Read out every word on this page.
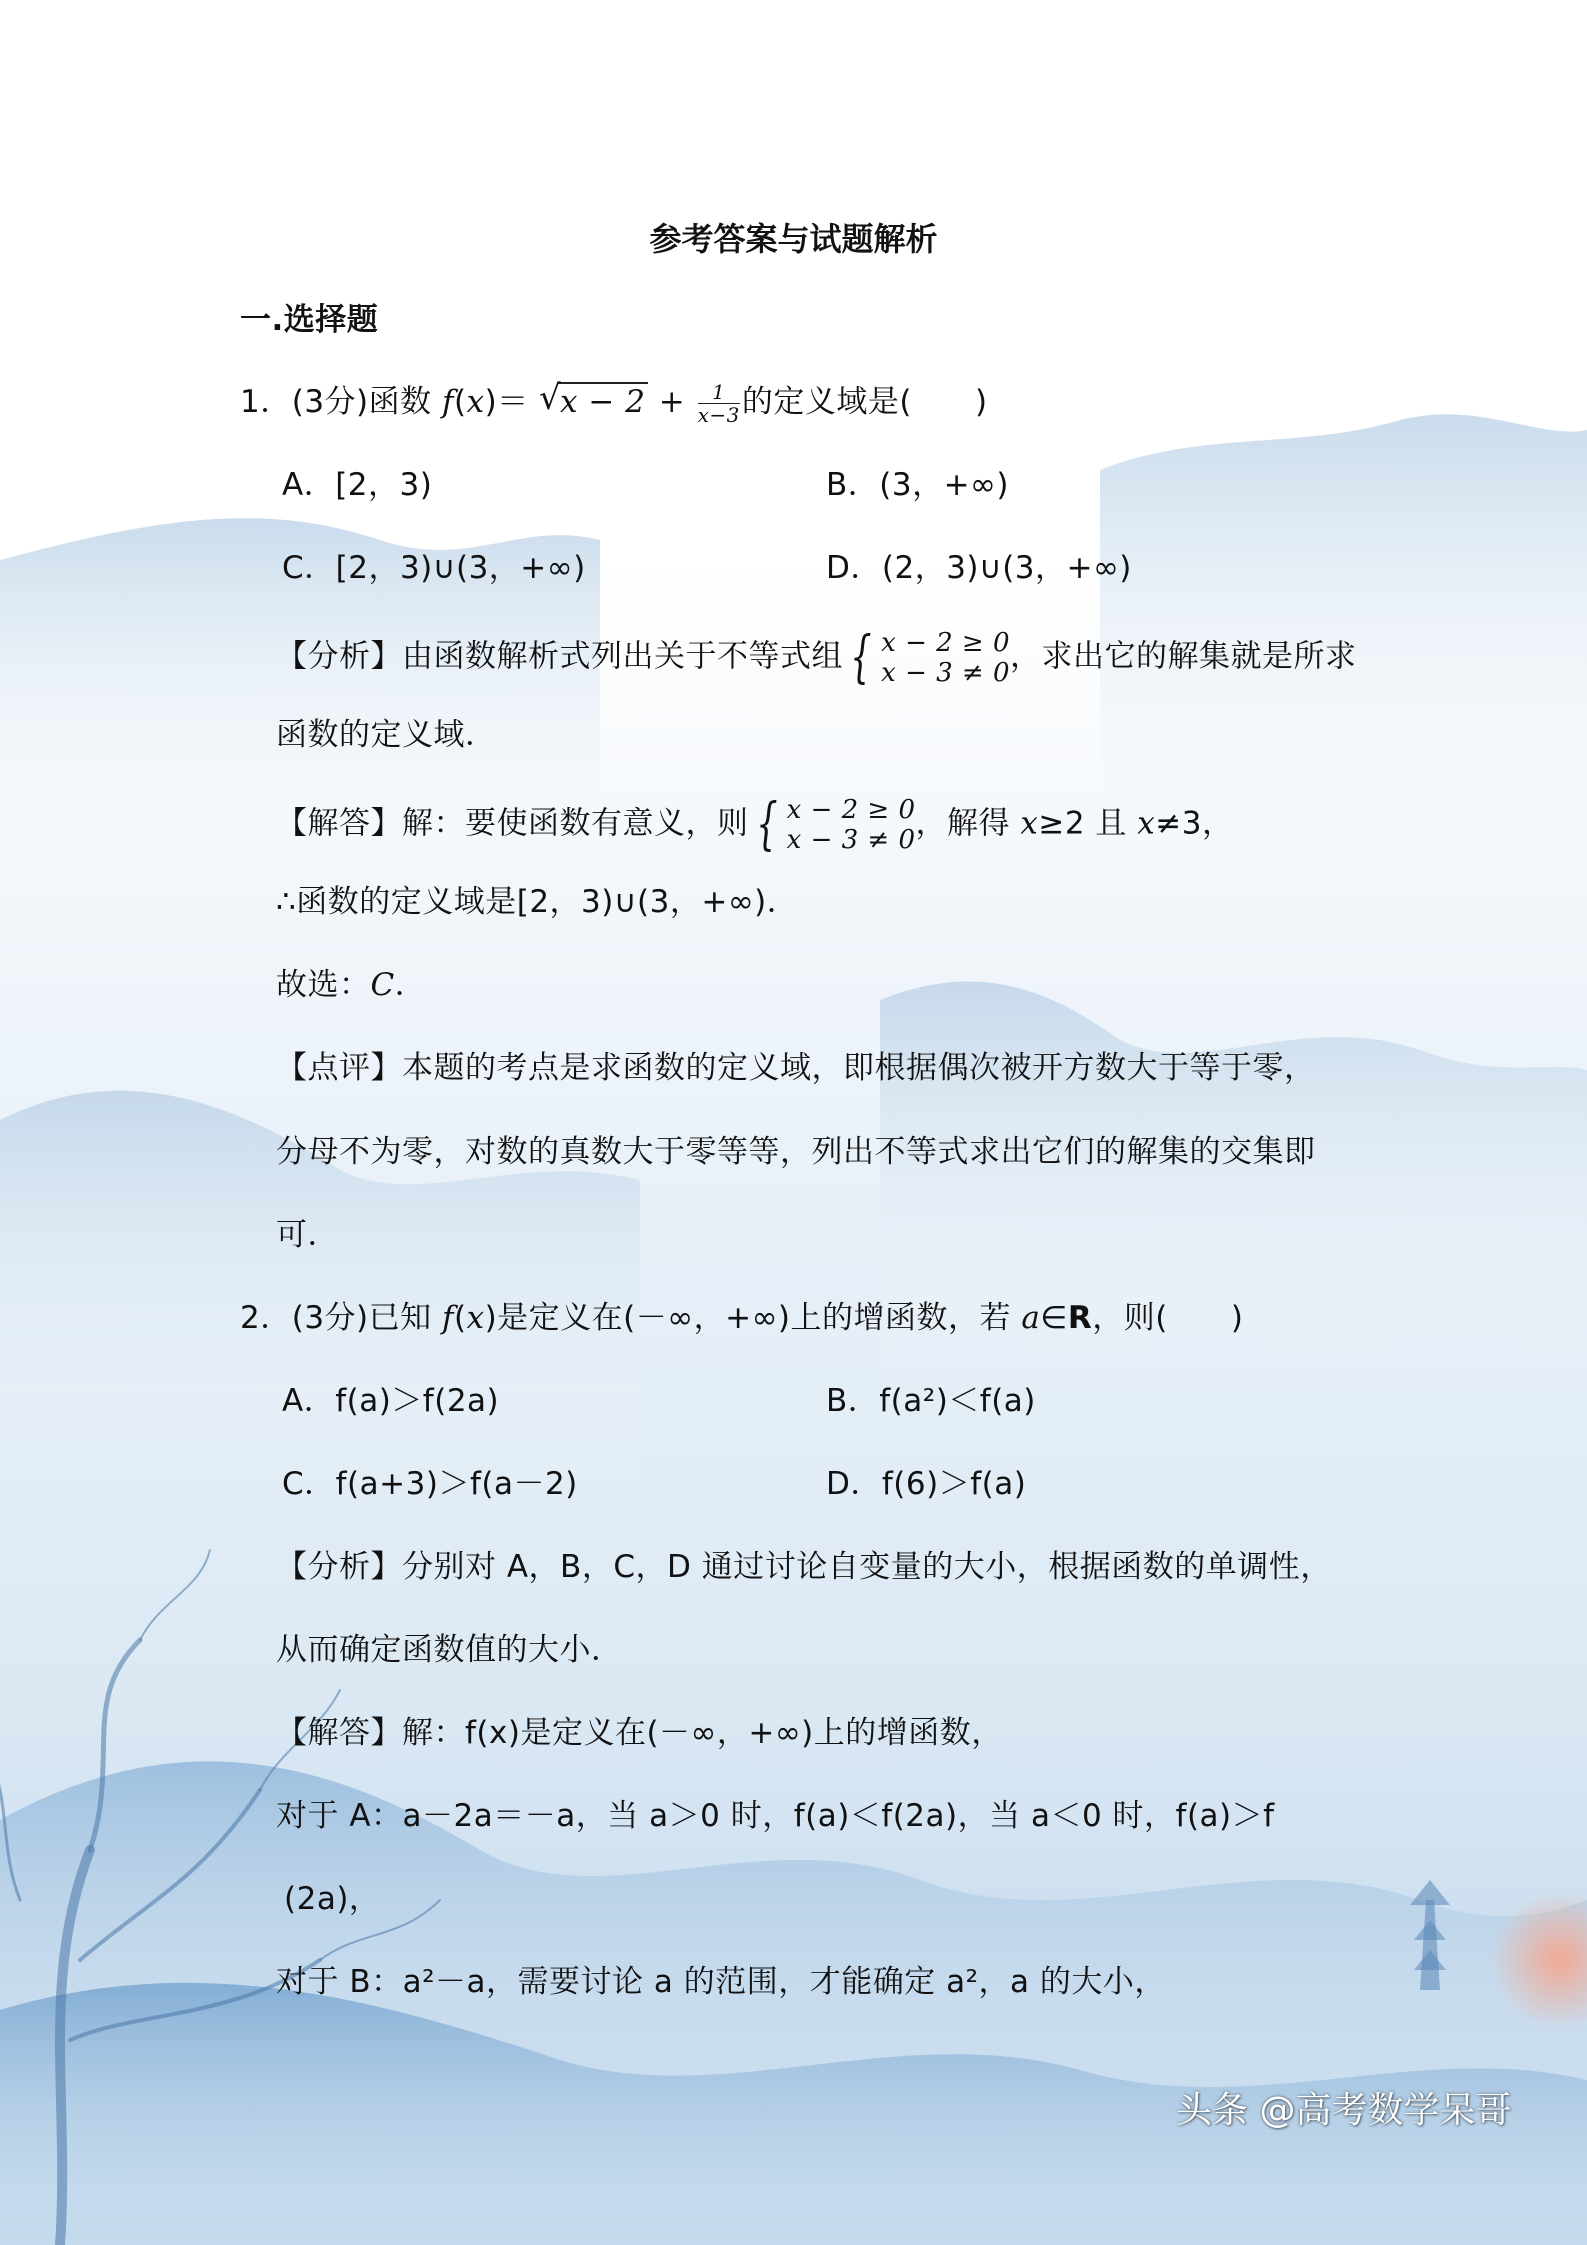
参考答案与试题解析
一.选择题
1．(3分)函数 f(x)＝ √
$x - 2 + \frac{1}{x-3}$ 的定义域是(　　)
A．[2，3)	B．(3，+∞)
C．[2，3)∪(3，+∞)	D．(2，3)∪(3，+∞)
【分析】由函数解析式列出关于不等式组 { x − 2 ≥ 0
x − 3 ≠ 0 ，求出它的解集就是所求
函数的定义域．
【解答】解：要使函数有意义，则 { x − 2 ≥ 0
x − 3 ≠ 0 ，解得 x≥2 且 x≠3，
∴函数的定义域是[2，3)∪(3，+∞)．
故选：C．
【点评】本题的考点是求函数的定义域，即根据偶次被开方数大于等于零，
分母不为零，对数的真数大于零等等，列出不等式求出它们的解集的交集即
可．
2．(3分)已知 f(x)是定义在(－∞，+∞)上的增函数，若 a∈R，则(　　)
A．f(a)＞f(2a)	B．f(a²)＜f(a)
C．f(a+3)＞f(a－2)	D．f(6)＞f(a)
【分析】分别对 A，B，C，D 通过讨论自变量的大小，根据函数的单调性，
从而确定函数值的大小．
【解答】解：f(x)是定义在(－∞，+∞)上的增函数，
对于 A：a－2a＝－a，当 a＞0 时，f(a)＜f(2a)，当 a＜0 时，f(a)＞f
(2a)，
对于 B：a²－a，需要讨论 a 的范围，才能确定 a²，a 的大小，
头条 @高考数学呆哥
